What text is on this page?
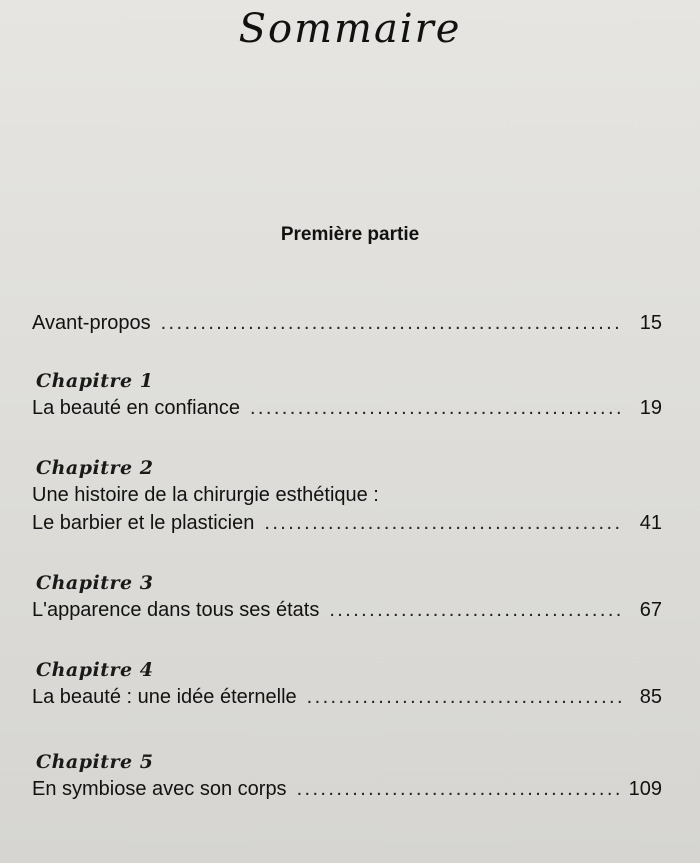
Sommaire
Première partie
Avant-propos .....	15
Chapitre 1
La beauté en confiance .....	19
Chapitre 2
Une histoire de la chirurgie esthétique :
Le barbier et le plasticien .....	41
Chapitre 3
L'apparence dans tous ses états .....	67
Chapitre 4
La beauté : une idée éternelle .....	85
Chapitre 5
En symbiose avec son corps .....	109
